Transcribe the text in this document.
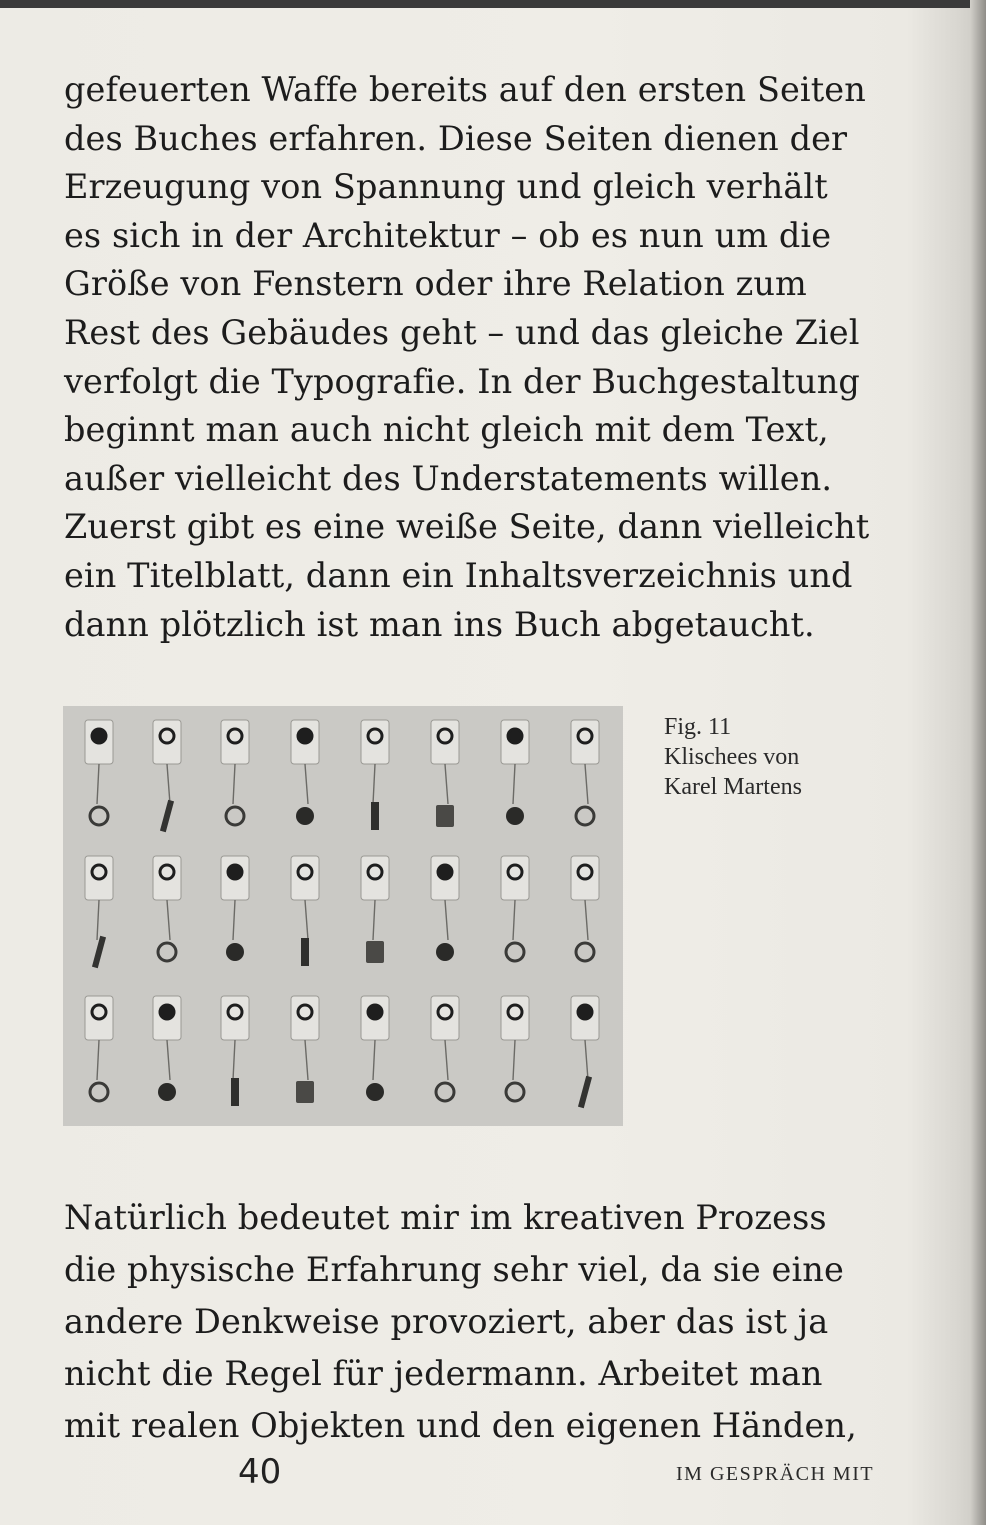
gefeuerten Waffe bereits auf den ersten Seiten
des Buches erfahren. Diese Seiten dienen der
Erzeugung von Spannung und gleich verhält
es sich in der Architektur – ob es nun um die
Größe von Fenstern oder ihre Relation zum
Rest des Gebäudes geht – und das gleiche Ziel
verfolgt die Typografie. In der Buchgestaltung
beginnt man auch nicht gleich mit dem Text,
außer vielleicht des Understatements willen.
Zuerst gibt es eine weiße Seite, dann vielleicht
ein Titelblatt, dann ein Inhaltsverzeichnis und
dann plötzlich ist man ins Buch abgetaucht.
Fig. 11
Klischees von
Karel Martens
Natürlich bedeutet mir im kreativen Prozess
die physische Erfahrung sehr viel, da sie eine
andere Denkweise provoziert, aber das ist ja
nicht die Regel für jedermann. Arbeitet man
mit realen Objekten und den eigenen Händen,
40	IM GESPRÄCH MIT
